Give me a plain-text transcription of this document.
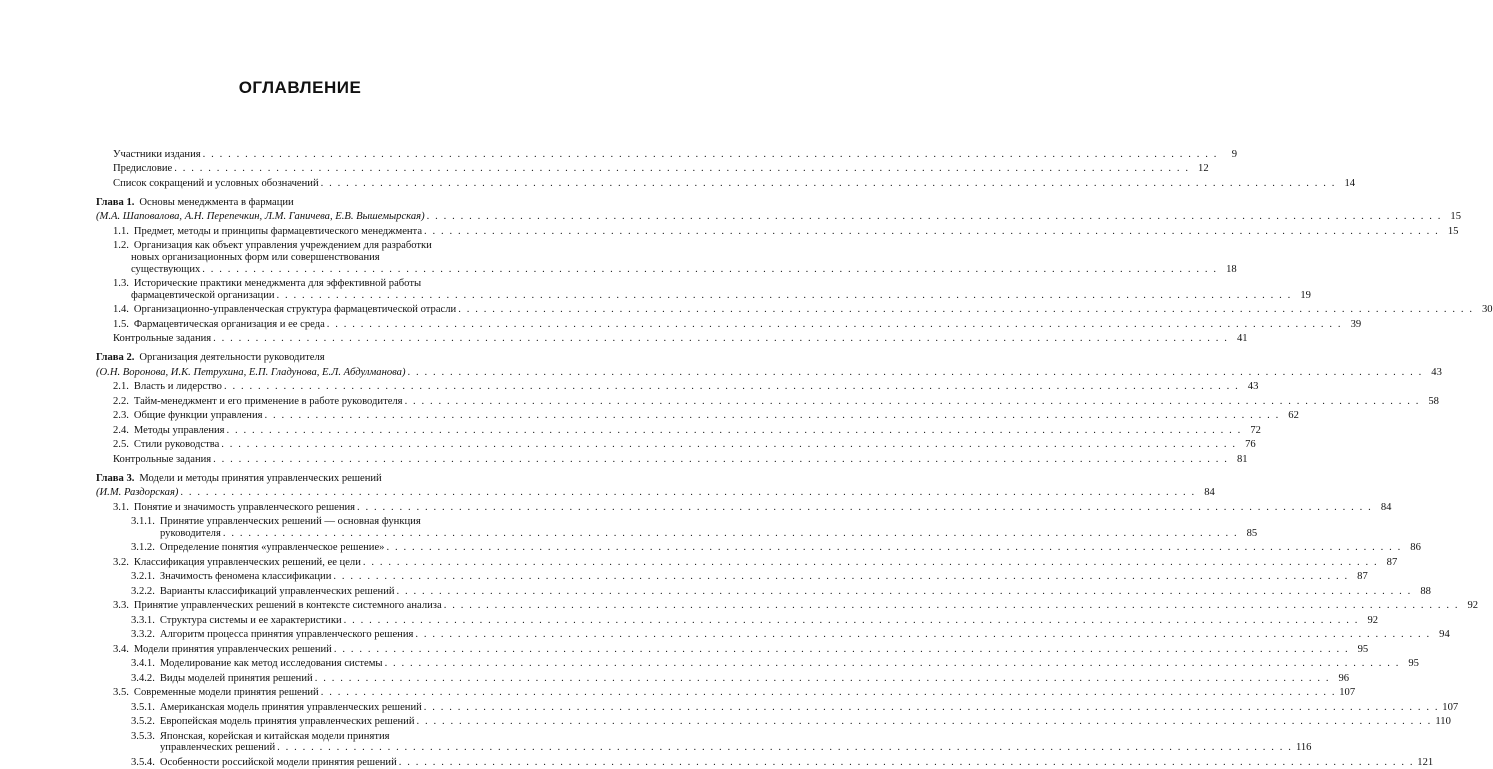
ОГЛАВЛЕНИЕ
Участники издания . . . . . . . . . . . . . . . . . . . . . . . . . . . . . . . . . . . . . . . . . . . . . . . . . . . . . . . . . . . . . . . . . . . . . . . . . . . . . . . . . . . . . . . . . . . . . . . . . . . . . . . . . . . . . . . . . . . . . . . .	9
Предисловие . . . . . . . . . . . . . . . . . . . . . . . . . . . . . . . . . . . . . . . . . . . . . . . . . . . . . . . . . . . . . . . . . . . . . . . . . . . . . . . . . . . . . . . . . . . . . . . . . . . . . . . . . . . . . . . . . . . . . . . . 12
Список сокращений и условных обозначений . . . . . . . . . . . . . . . . . . . . . . . . . . . . . . . . . . . . . . . . . . . . . . . . . . . . . . . . . . . . . . . . . . . . . . . . . . . . . . . . . . . . . . . . . . . . . . . . . . . . . . . . . . . . . . . . . . . . . . . . 14
Глава 1. Основы менеджмента в фармации
(М.А. Шаповалова, А.Н. Перепечкин, Л.М. Ганичева, Е.В. Вышемырская) . . . . . . . . . . . . . . . . . . . . . . . . . . . . . . . . . . . . . . . . . . . . . . . . . . . . . . . . . . . . . . . . . . . . . . . . . . . . . . . . . . . . . . . . . . . . . . . . . . . . . . . . . . . . . . . . . . . . . . . . 15
1.1. Предмет, методы и принципы фармацевтического менеджмента . . . . . . . . . . . . . . . . . . . . . . . . . . . . . . . . . . . . . . . . . . . . . . . . . . . . . . . . . . . . . . . . . . . . . . . . . . . . . . . . . . . . . . . . . . . . . . . . . . . . . . . . . . . . . . . . . . . . . . . . 15
1.2. Организация как объект управления учреждением для разработки
новых организационных форм или совершенствования
существующих . . . . . . . . . . . . . . . . . . . . . . . . . . . . . . . . . . . . . . . . . . . . . . . . . . . . . . . . . . . . . . . . . . . . . . . . . . . . . . . . . . . . . . . . . . . . . . . . . . . . . . . . . . . . . . . . . . . . . . . . 18
1.3. Исторические практики менеджмента для эффективной работы
фармацевтической организации . . . . . . . . . . . . . . . . . . . . . . . . . . . . . . . . . . . . . . . . . . . . . . . . . . . . . . . . . . . . . . . . . . . . . . . . . . . . . . . . . . . . . . . . . . . . . . . . . . . . . . . . . . . . . . . . . . . . . . . . 19
1.4. Организационно-управленческая структура фармацевтической отрасли . . . . . . . . . . . . . . . . . . . . . . . . . . . . . . . . . . . . . . . . . . . . . . . . . . . . . . . . . . . . . . . . . . . . . . . . . . . . . . . . . . . . . . . . . . . . . . . . . . . . . . . . . . . . . . . . . . . . . . . . 30
1.5. Фармацевтическая организация и ее среда . . . . . . . . . . . . . . . . . . . . . . . . . . . . . . . . . . . . . . . . . . . . . . . . . . . . . . . . . . . . . . . . . . . . . . . . . . . . . . . . . . . . . . . . . . . . . . . . . . . . . . . . . . . . . . . . . . . . . . . . 39
Контрольные задания . . . . . . . . . . . . . . . . . . . . . . . . . . . . . . . . . . . . . . . . . . . . . . . . . . . . . . . . . . . . . . . . . . . . . . . . . . . . . . . . . . . . . . . . . . . . . . . . . . . . . . . . . . . . . . . . . . . . . . . . 41
Глава 2. Организация деятельности руководителя
(О.Н. Воронова, И.К. Петрухина, Е.П. Гладунова, Е.Л. Абдулманова) . . . . . . . . . . . . . . . . . . . . . . . . . . . . . . . . . . . . . . . . . . . . . . . . . . . . . . . . . . . . . . . . . . . . . . . . . . . . . . . . . . . . . . . . . . . . . . . . . . . . . . . . . . . . . . . . . . . . . . . . 43
2.1. Власть и лидерство . . . . . . . . . . . . . . . . . . . . . . . . . . . . . . . . . . . . . . . . . . . . . . . . . . . . . . . . . . . . . . . . . . . . . . . . . . . . . . . . . . . . . . . . . . . . . . . . . . . . . . . . . . . . . . . . . . . . . . . . 43
2.2. Тайм-менеджмент и его применение в работе руководителя . . . . . . . . . . . . . . . . . . . . . . . . . . . . . . . . . . . . . . . . . . . . . . . . . . . . . . . . . . . . . . . . . . . . . . . . . . . . . . . . . . . . . . . . . . . . . . . . . . . . . . . . . . . . . . . . . . . . . . . . 58
2.3. Общие функции управления . . . . . . . . . . . . . . . . . . . . . . . . . . . . . . . . . . . . . . . . . . . . . . . . . . . . . . . . . . . . . . . . . . . . . . . . . . . . . . . . . . . . . . . . . . . . . . . . . . . . . . . . . . . . . . . . . . . . . . . . 62
2.4. Методы управления . . . . . . . . . . . . . . . . . . . . . . . . . . . . . . . . . . . . . . . . . . . . . . . . . . . . . . . . . . . . . . . . . . . . . . . . . . . . . . . . . . . . . . . . . . . . . . . . . . . . . . . . . . . . . . . . . . . . . . . . 72
2.5. Стили руководства . . . . . . . . . . . . . . . . . . . . . . . . . . . . . . . . . . . . . . . . . . . . . . . . . . . . . . . . . . . . . . . . . . . . . . . . . . . . . . . . . . . . . . . . . . . . . . . . . . . . . . . . . . . . . . . . . . . . . . . . 76
Контрольные задания . . . . . . . . . . . . . . . . . . . . . . . . . . . . . . . . . . . . . . . . . . . . . . . . . . . . . . . . . . . . . . . . . . . . . . . . . . . . . . . . . . . . . . . . . . . . . . . . . . . . . . . . . . . . . . . . . . . . . . . . 81
Глава 3. Модели и методы принятия управленческих решений
(И.М. Раздорская) . . . . . . . . . . . . . . . . . . . . . . . . . . . . . . . . . . . . . . . . . . . . . . . . . . . . . . . . . . . . . . . . . . . . . . . . . . . . . . . . . . . . . . . . . . . . . . . . . . . . . . . . . . . . . . . . . . . . . . . . 84
3.1. Понятие и значимость управленческого решения . . . . . . . . . . . . . . . . . . . . . . . . . . . . . . . . . . . . . . . . . . . . . . . . . . . . . . . . . . . . . . . . . . . . . . . . . . . . . . . . . . . . . . . . . . . . . . . . . . . . . . . . . . . . . . . . . . . . . . . . 84
3.1.1. Принятие управленческих решений — основная функция
руководителя . . . . . . . . . . . . . . . . . . . . . . . . . . . . . . . . . . . . . . . . . . . . . . . . . . . . . . . . . . . . . . . . . . . . . . . . . . . . . . . . . . . . . . . . . . . . . . . . . . . . . . . . . . . . . . . . . . . . . . . . 85
3.1.2. Определение понятия «управленческое решение» . . . . . . . . . . . . . . . . . . . . . . . . . . . . . . . . . . . . . . . . . . . . . . . . . . . . . . . . . . . . . . . . . . . . . . . . . . . . . . . . . . . . . . . . . . . . . . . . . . . . . . . . . . . . . . . . . . . . . . . . 86
3.2. Классификация управленческих решений, ее цели . . . . . . . . . . . . . . . . . . . . . . . . . . . . . . . . . . . . . . . . . . . . . . . . . . . . . . . . . . . . . . . . . . . . . . . . . . . . . . . . . . . . . . . . . . . . . . . . . . . . . . . . . . . . . . . . . . . . . . . . 87
3.2.1. Значимость феномена классификации . . . . . . . . . . . . . . . . . . . . . . . . . . . . . . . . . . . . . . . . . . . . . . . . . . . . . . . . . . . . . . . . . . . . . . . . . . . . . . . . . . . . . . . . . . . . . . . . . . . . . . . . . . . . . . . . . . . . . . . . 87
3.2.2. Варианты классификаций управленческих решений . . . . . . . . . . . . . . . . . . . . . . . . . . . . . . . . . . . . . . . . . . . . . . . . . . . . . . . . . . . . . . . . . . . . . . . . . . . . . . . . . . . . . . . . . . . . . . . . . . . . . . . . . . . . . . . . . . . . . . . . 88
3.3. Принятие управленческих решений в контексте системного анализа . . . . . . . . . . . . . . . . . . . . . . . . . . . . . . . . . . . . . . . . . . . . . . . . . . . . . . . . . . . . . . . . . . . . . . . . . . . . . . . . . . . . . . . . . . . . . . . . . . . . . . . . . . . . . . . . . . . . . . . . 92
3.3.1. Структура системы и ее характеристики . . . . . . . . . . . . . . . . . . . . . . . . . . . . . . . . . . . . . . . . . . . . . . . . . . . . . . . . . . . . . . . . . . . . . . . . . . . . . . . . . . . . . . . . . . . . . . . . . . . . . . . . . . . . . . . . . . . . . . . . 92
3.3.2. Алгоритм процесса принятия управленческого решения . . . . . . . . . . . . . . . . . . . . . . . . . . . . . . . . . . . . . . . . . . . . . . . . . . . . . . . . . . . . . . . . . . . . . . . . . . . . . . . . . . . . . . . . . . . . . . . . . . . . . . . . . . . . . . . . . . . . . . . . 94
3.4. Модели принятия управленческих решений . . . . . . . . . . . . . . . . . . . . . . . . . . . . . . . . . . . . . . . . . . . . . . . . . . . . . . . . . . . . . . . . . . . . . . . . . . . . . . . . . . . . . . . . . . . . . . . . . . . . . . . . . . . . . . . . . . . . . . . . 95
3.4.1. Моделирование как метод исследования системы . . . . . . . . . . . . . . . . . . . . . . . . . . . . . . . . . . . . . . . . . . . . . . . . . . . . . . . . . . . . . . . . . . . . . . . . . . . . . . . . . . . . . . . . . . . . . . . . . . . . . . . . . . . . . . . . . . . . . . . . 95
3.4.2. Виды моделей принятия решений . . . . . . . . . . . . . . . . . . . . . . . . . . . . . . . . . . . . . . . . . . . . . . . . . . . . . . . . . . . . . . . . . . . . . . . . . . . . . . . . . . . . . . . . . . . . . . . . . . . . . . . . . . . . . . . . . . . . . . . . 96
3.5. Современные модели принятия решений . . . . . . . . . . . . . . . . . . . . . . . . . . . . . . . . . . . . . . . . . . . . . . . . . . . . . . . . . . . . . . . . . . . . . . . . . . . . . . . . . . . . . . . . . . . . . . . . . . . . . . . . . . . . . . . . . . . . . . . . 107
3.5.1. Американская модель принятия управленческих решений . . . . . . . . . . . . . . . . . . . . . . . . . . . . . . . . . . . . . . . . . . . . . . . . . . . . . . . . . . . . . . . . . . . . . . . . . . . . . . . . . . . . . . . . . . . . . . . . . . . . . . . . . . . . . . . . . . . . . . . . 107
3.5.2. Европейская модель принятия управленческих решений . . . . . . . . . . . . . . . . . . . . . . . . . . . . . . . . . . . . . . . . . . . . . . . . . . . . . . . . . . . . . . . . . . . . . . . . . . . . . . . . . . . . . . . . . . . . . . . . . . . . . . . . . . . . . . . . . . . . . . . . 110
3.5.3. Японская, корейская и китайская модели принятия
управленческих решений . . . . . . . . . . . . . . . . . . . . . . . . . . . . . . . . . . . . . . . . . . . . . . . . . . . . . . . . . . . . . . . . . . . . . . . . . . . . . . . . . . . . . . . . . . . . . . . . . . . . . . . . . . . . . . . . . . . . . . . . 116
3.5.4. Особенности российской модели принятия решений . . . . . . . . . . . . . . . . . . . . . . . . . . . . . . . . . . . . . . . . . . . . . . . . . . . . . . . . . . . . . . . . . . . . . . . . . . . . . . . . . . . . . . . . . . . . . . . . . . . . . . . . . . . . . . . . . . . . . . . . 121
